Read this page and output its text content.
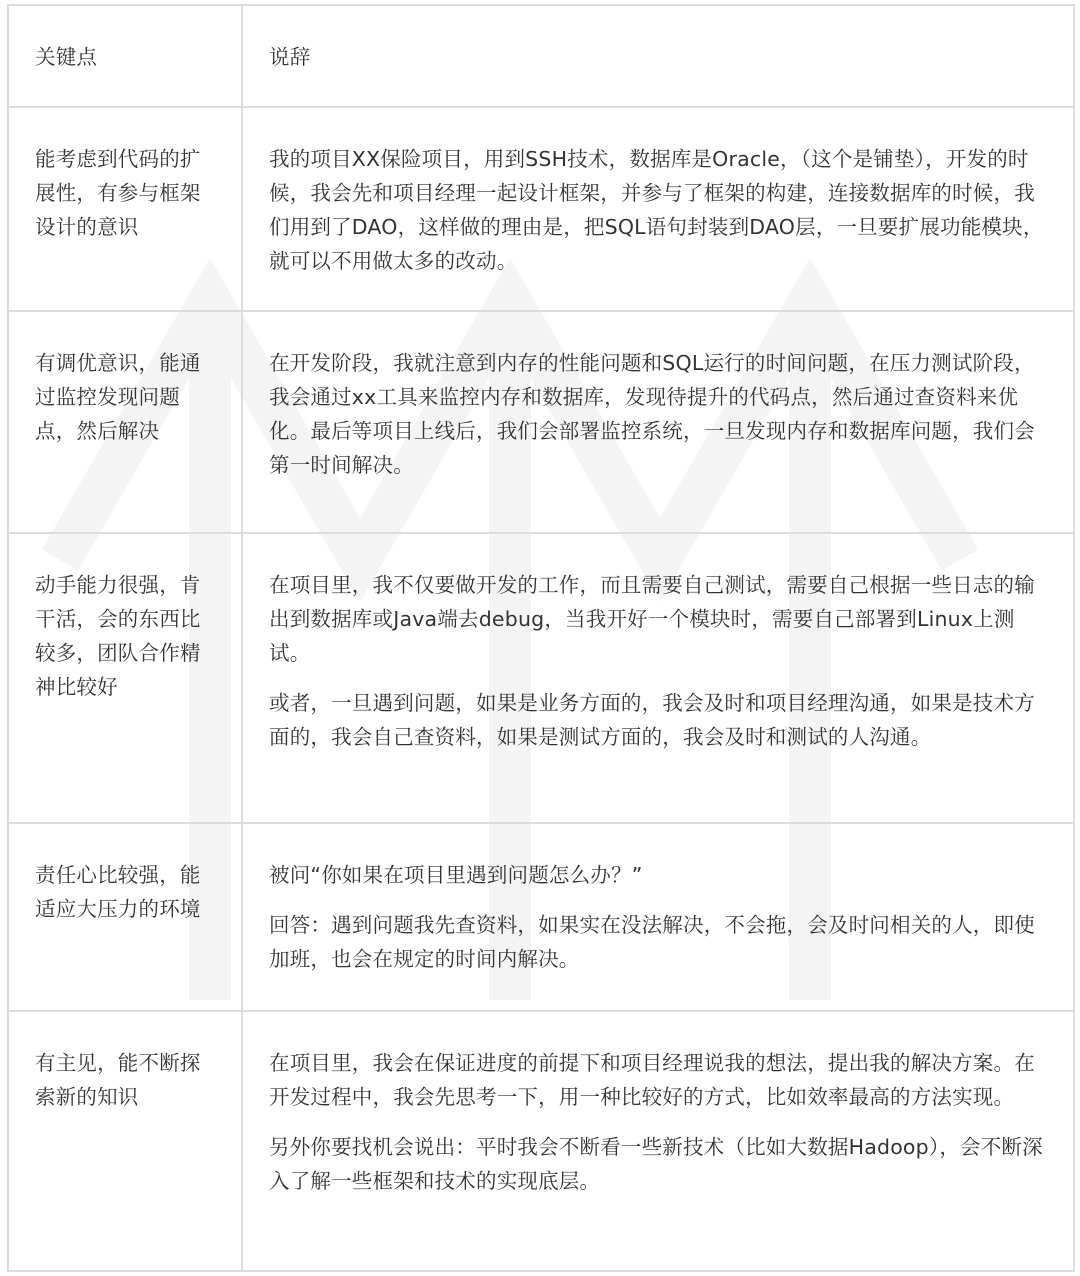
关键点	说辞

能考虑到代码的扩展性，有参与框架设计的意识	我的项目XX保险项目，用到SSH技术，数据库是Oracle，（这个是铺垫），开发的时候，我会先和项目经理一起设计框架，并参与了框架的构建，连接数据库的时候，我们用到了DAO，这样做的理由是，把SQL语句封装到DAO层，一旦要扩展功能模块，就可以不用做太多的改动。

有调优意识，能通过监控发现问题点，然后解决	在开发阶段，我就注意到内存的性能问题和SQL运行的时间问题，在压力测试阶段，我会通过xx工具来监控内存和数据库，发现待提升的代码点，然后通过查资料来优化。最后等项目上线后，我们会部署监控系统，一旦发现内存和数据库问题，我们会第一时间解决。

动手能力很强，肯干活，会的东西比较多，团队合作精神比较好	在项目里，我不仅要做开发的工作，而且需要自己测试，需要自己根据一些日志的输出到数据库或Java端去debug，当我开好一个模块时，需要自己部署到Linux上测试。

或者，一旦遇到问题，如果是业务方面的，我会及时和项目经理沟通，如果是技术方面的，我会自己查资料，如果是测试方面的，我会及时和测试的人沟通。

责任心比较强，能适应大压力的环境	被问“你如果在项目里遇到问题怎么办？”

回答：遇到问题我先查资料，如果实在没法解决，不会拖，会及时问相关的人，即使加班，也会在规定的时间内解决。

有主见，能不断探索新的知识	在项目里，我会在保证进度的前提下和项目经理说我的想法，提出我的解决方案。在开发过程中，我会先思考一下，用一种比较好的方式，比如效率最高的方法实现。

另外你要找机会说出：平时我会不断看一些新技术（比如大数据Hadoop），会不断深入了解一些框架和技术的实现底层。
